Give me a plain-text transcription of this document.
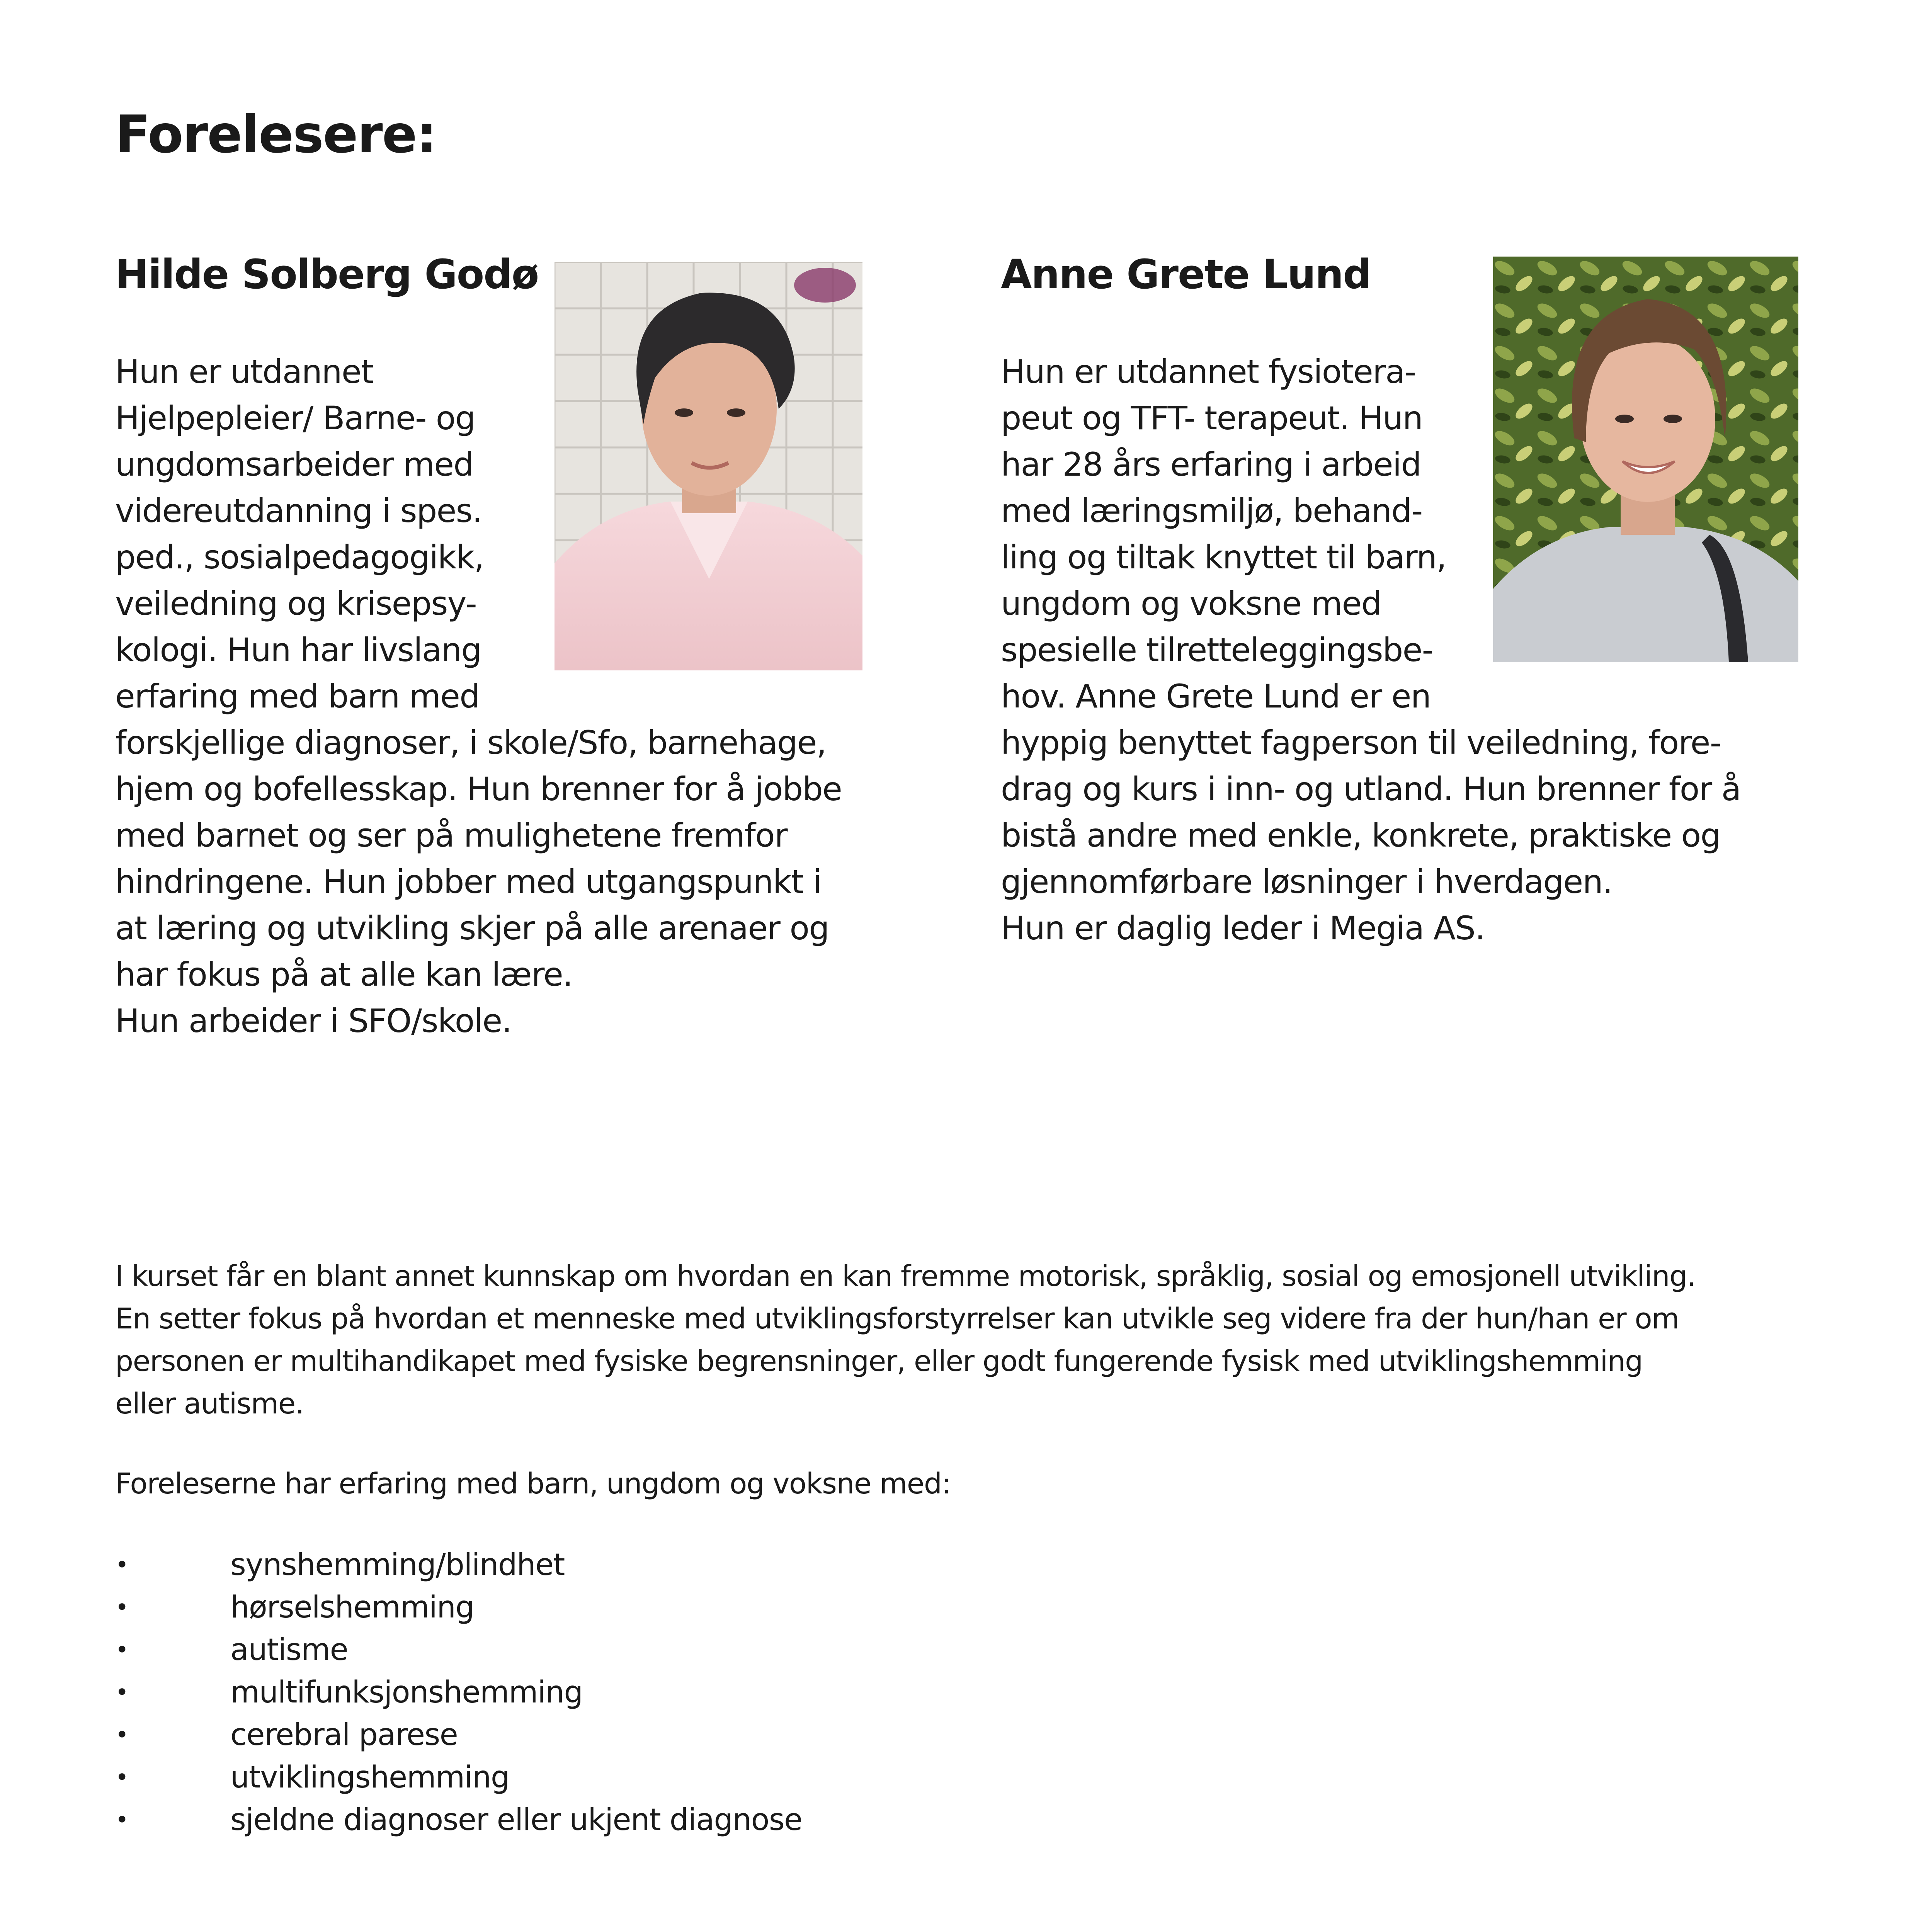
Forelesere:
Hilde Solberg Godø
Hun er utdannet
Hjelpepleier/ Barne- og
ungdomsarbeider med
videreutdanning i spes.
ped., sosialpedagogikk,
veiledning og krisepsy-
kologi. Hun har livslang
erfaring med barn med
forskjellige diagnoser, i skole/Sfo, barnehage,
hjem og bofellesskap. Hun brenner for å jobbe
med barnet og ser på mulighetene fremfor
hindringene. Hun jobber med utgangspunkt i
at læring og utvikling skjer på alle arenaer og
har fokus på at alle kan lære.
Hun arbeider i SFO/skole.
Anne Grete Lund
Hun er utdannet fysiotera-
peut og TFT- terapeut. Hun
har 28 års erfaring i arbeid
med læringsmiljø, behand-
ling og tiltak knyttet til barn,
ungdom og voksne med
spesielle tilretteleggingsbe-
hov. Anne Grete Lund er en
hyppig benyttet fagperson til veiledning, fore-
drag og kurs i inn- og utland. Hun brenner for å
bistå andre med enkle, konkrete, praktiske og
gjennomførbare løsninger i hverdagen.
Hun er daglig leder i Megia AS.
I kurset får en blant annet kunnskap om hvordan en kan fremme motorisk, språklig, sosial og emosjonell utvikling.
En setter fokus på hvordan et menneske med utviklingsforstyrrelser kan utvikle seg videre fra der hun/han er om
personen er multihandikapet med fysiske begrensninger, eller godt fungerende fysisk med utviklingshemming
eller autisme.
Foreleserne har erfaring med barn, ungdom og voksne med:
•	synshemming/blindhet
•	hørselshemming
•	autisme
•	multifunksjonshemming
•	cerebral parese
•	utviklingshemming
•	sjeldne diagnoser eller ukjent diagnose
